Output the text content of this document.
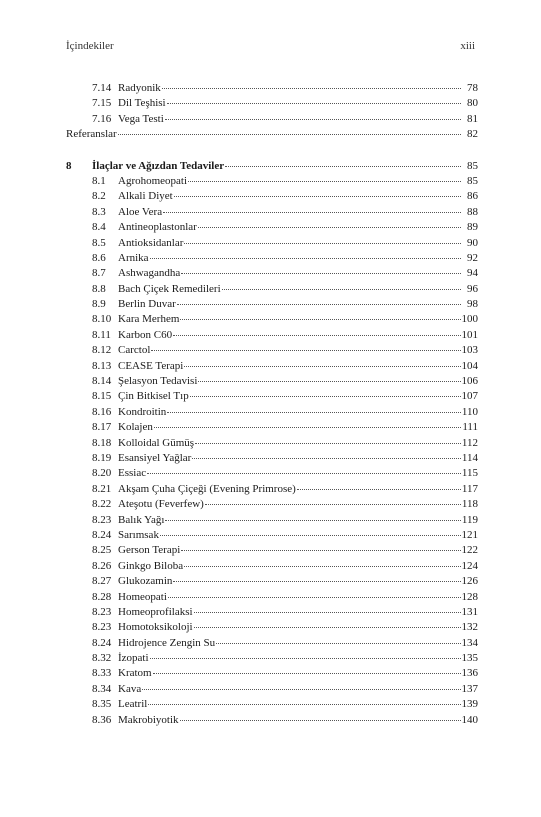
İçindekiler	xiii
7.14 Radyonik	78
7.15 Dil Teşhisi	80
7.16 Vega Testi	81
Referanslar	82
8	İlaçlar ve Ağızdan Tedaviler	85
8.1	Agrohomeopati	85
8.2	Alkali Diyet	86
8.3	Aloe Vera	88
8.4	Antineoplastonlar	89
8.5	Antioksidanlar	90
8.6	Arnika	92
8.7	Ashwagandha	94
8.8	Bach Çiçek Remedileri	96
8.9	Berlin Duvar	98
8.10 Kara Merhem	100
8.11 Karbon C60	101
8.12 Carctol	103
8.13 CEASE Terapi	104
8.14 Şelasyon Tedavisi	106
8.15 Çin Bitkisel Tıp	107
8.16 Kondroitin	110
8.17 Kolajen	111
8.18 Kolloidal Gümüş	112
8.19 Esansiyel Yağlar	114
8.20 Essiac	115
8.21 Akşam Çuha Çiçeği (Evening Primrose)	117
8.22 Ateşotu (Feverfew)	118
8.23 Balık Yağı	119
8.24 Sarımsak	121
8.25 Gerson Terapi	122
8.26 Ginkgo Biloba	124
8.27 Glukozamin	126
8.28 Homeopati	128
8.23 Homeoprofilaksi	131
8.23 Homotoksikoloji	132
8.24 Hidrojence Zengin Su	134
8.32 İzopati	135
8.33 Kratom	136
8.34 Kava	137
8.35 Leatril	139
8.36 Makrobiyotik	140
